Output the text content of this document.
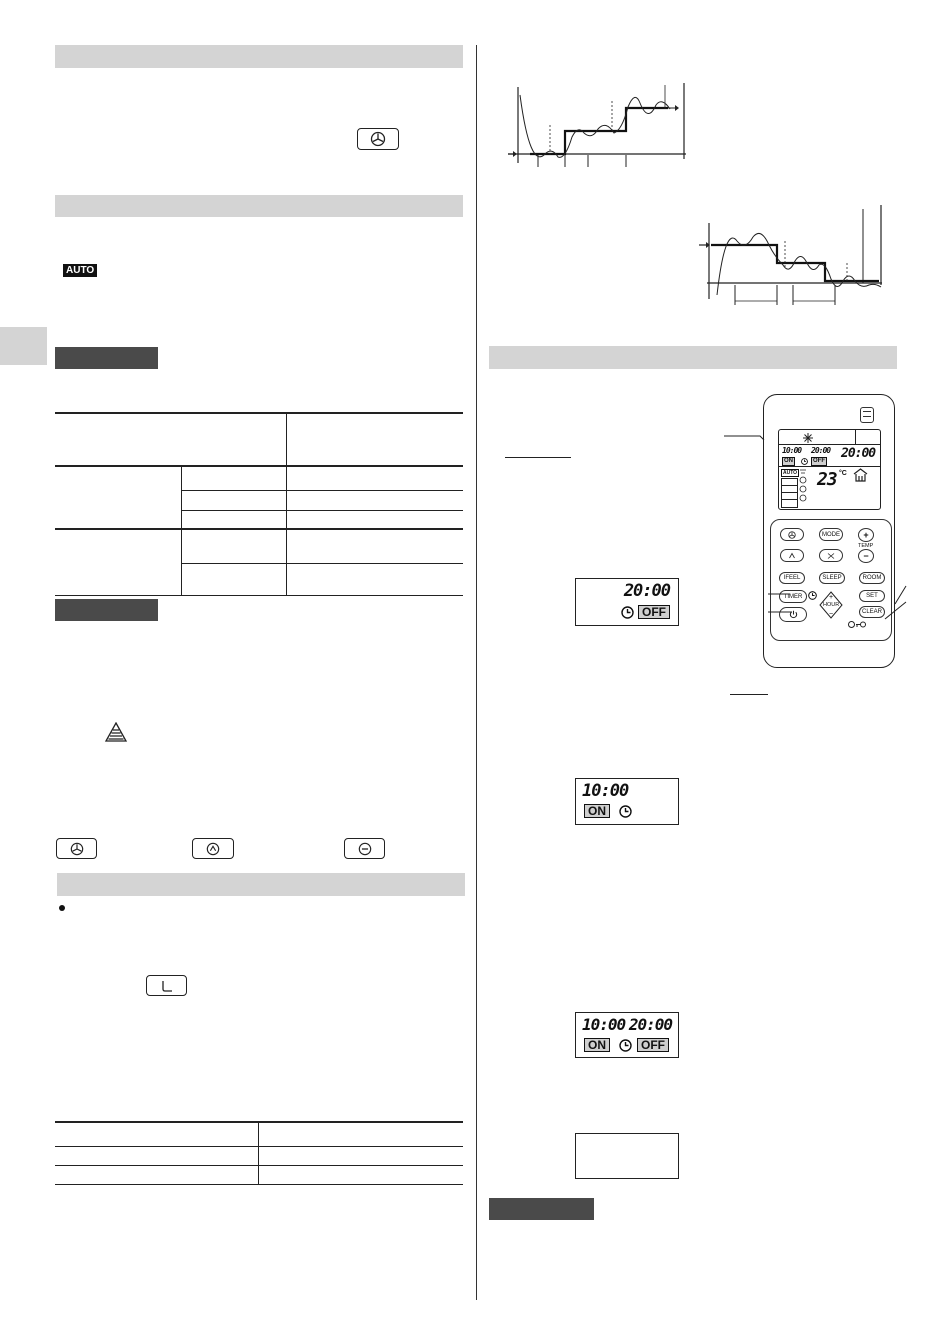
AUTO
20:00
OFF
10:00
ON
10:00 20:00
ON	OFF
10:00 20:00 20:00
ON	OFF
AUTO 23 °C
MODE	+
TEMP
−
IFEEL	SLEEP	ROOM
TIMER	SET
+
−
HOUR
CLEAR
